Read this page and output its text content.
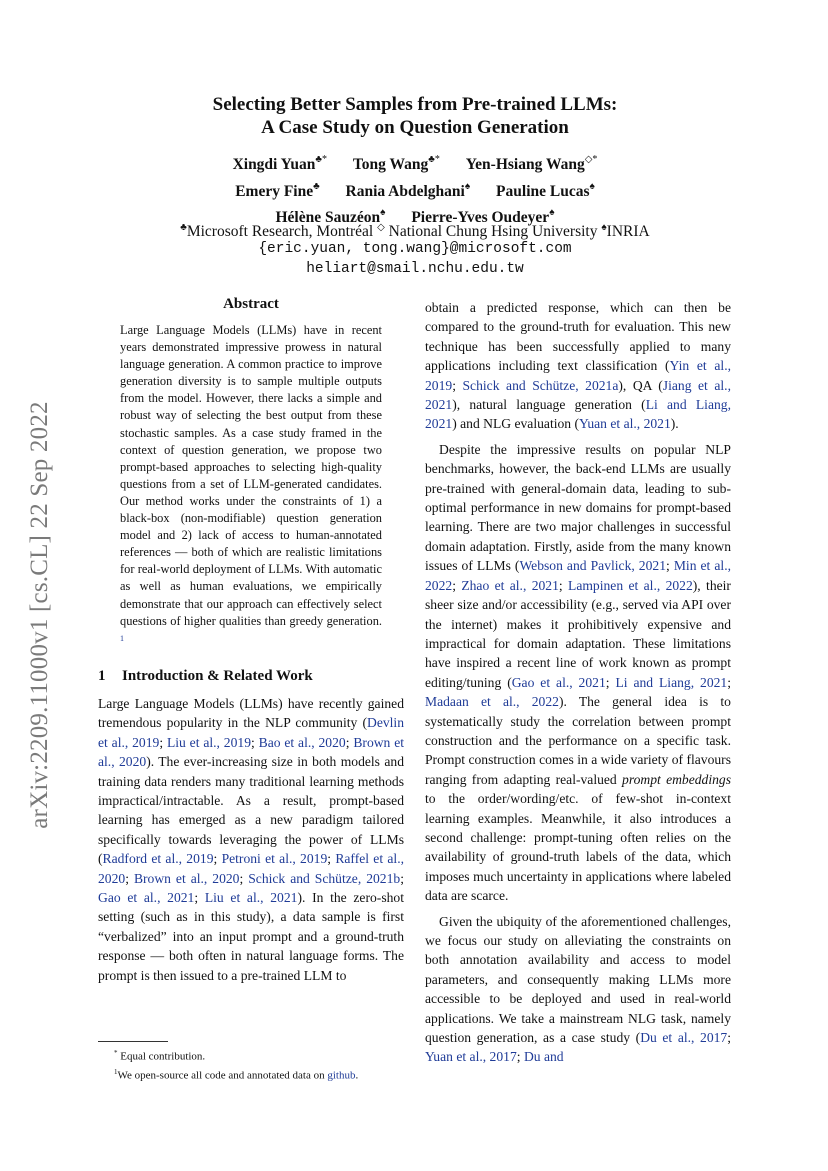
arXiv:2209.11000v1 [cs.CL] 22 Sep 2022
Selecting Better Samples from Pre-trained LLMs:
A Case Study on Question Generation
Xingdi Yuan♣* Tong Wang♣* Yen-Hsiang Wang◇*
Emery Fine♣ Rania Abdelghani♠ Pauline Lucas♠
Hélène Sauzéon♠ Pierre-Yves Oudeyer♠
♣Microsoft Research, Montréal ◇ National Chung Hsing University ♠INRIA
{eric.yuan, tong.wang}@microsoft.com
heliart@smail.nchu.edu.tw
Abstract
Large Language Models (LLMs) have in recent years demonstrated impressive prowess in natural language generation. A common practice to improve generation diversity is to sample multiple outputs from the model. However, there lacks a simple and robust way of selecting the best output from these stochastic samples. As a case study framed in the context of question generation, we propose two prompt-based approaches to selecting high-quality questions from a set of LLM-generated candidates. Our method works under the constraints of 1) a black-box (non-modifiable) question generation model and 2) lack of access to human-annotated references — both of which are realistic limitations for real-world deployment of LLMs. With automatic as well as human evaluations, we empirically demonstrate that our approach can effectively select questions of higher qualities than greedy generation. $^1$
1 Introduction & Related Work

Large Language Models (LLMs) have recently gained tremendous popularity in the NLP community (Devlin et al., 2019; Liu et al., 2019; Bao et al., 2020; Brown et al., 2020). The ever-increasing size in both models and training data renders many traditional learning methods impractical/intractable. As a result, prompt-based learning has emerged as a new paradigm tailored specifically towards leveraging the power of LLMs (Radford et al., 2019; Petroni et al., 2019; Raffel et al., 2020; Brown et al., 2020; Schick and Schütze, 2021b; Gao et al., 2021; Liu et al., 2021). In the zero-shot setting (such as in this study), a data sample is first “verbalized” into an input prompt and a ground-truth response — both often in natural language forms. The prompt is then issued to a pre-trained LLM to

* Equal contribution.
$^1$We open-source all code and annotated data on github.

obtain a predicted response, which can then be compared to the ground-truth for evaluation. This new technique has been successfully applied to many applications including text classification (Yin et al., 2019; Schick and Schütze, 2021a), QA (Jiang et al., 2021), natural language generation (Li and Liang, 2021) and NLG evaluation (Yuan et al., 2021).

Despite the impressive results on popular NLP benchmarks, however, the back-end LLMs are usually pre-trained with general-domain data, leading to sub-optimal performance in new domains for prompt-based learning. There are two major challenges in successful domain adaptation. Firstly, aside from the many known issues of LLMs (Webson and Pavlick, 2021; Min et al., 2022; Zhao et al., 2021; Lampinen et al., 2022), their sheer size and/or accessibility (e.g., served via API over the internet) makes it prohibitively expensive and impractical for domain adaptation. These limitations have inspired a recent line of work known as prompt editing/tuning (Gao et al., 2021; Li and Liang, 2021; Madaan et al., 2022). The general idea is to systematically study the correlation between prompt construction and the performance on a specific task. Prompt construction comes in a wide variety of flavours ranging from adapting real-valued prompt embeddings to the order/wording/etc. of few-shot in-context learning examples. Meanwhile, it also introduces a second challenge: prompt-tuning often relies on the availability of ground-truth labels of the data, which imposes much uncertainty in applications where labeled data are scarce.

Given the ubiquity of the aforementioned challenges, we focus our study on alleviating the constraints on both annotation availability and access to model parameters, and consequently making LLMs more accessible to be deployed and used in real-world applications. We take a mainstream NLG task, namely question generation, as a case study (Du et al., 2017; Yuan et al., 2017; Du and
